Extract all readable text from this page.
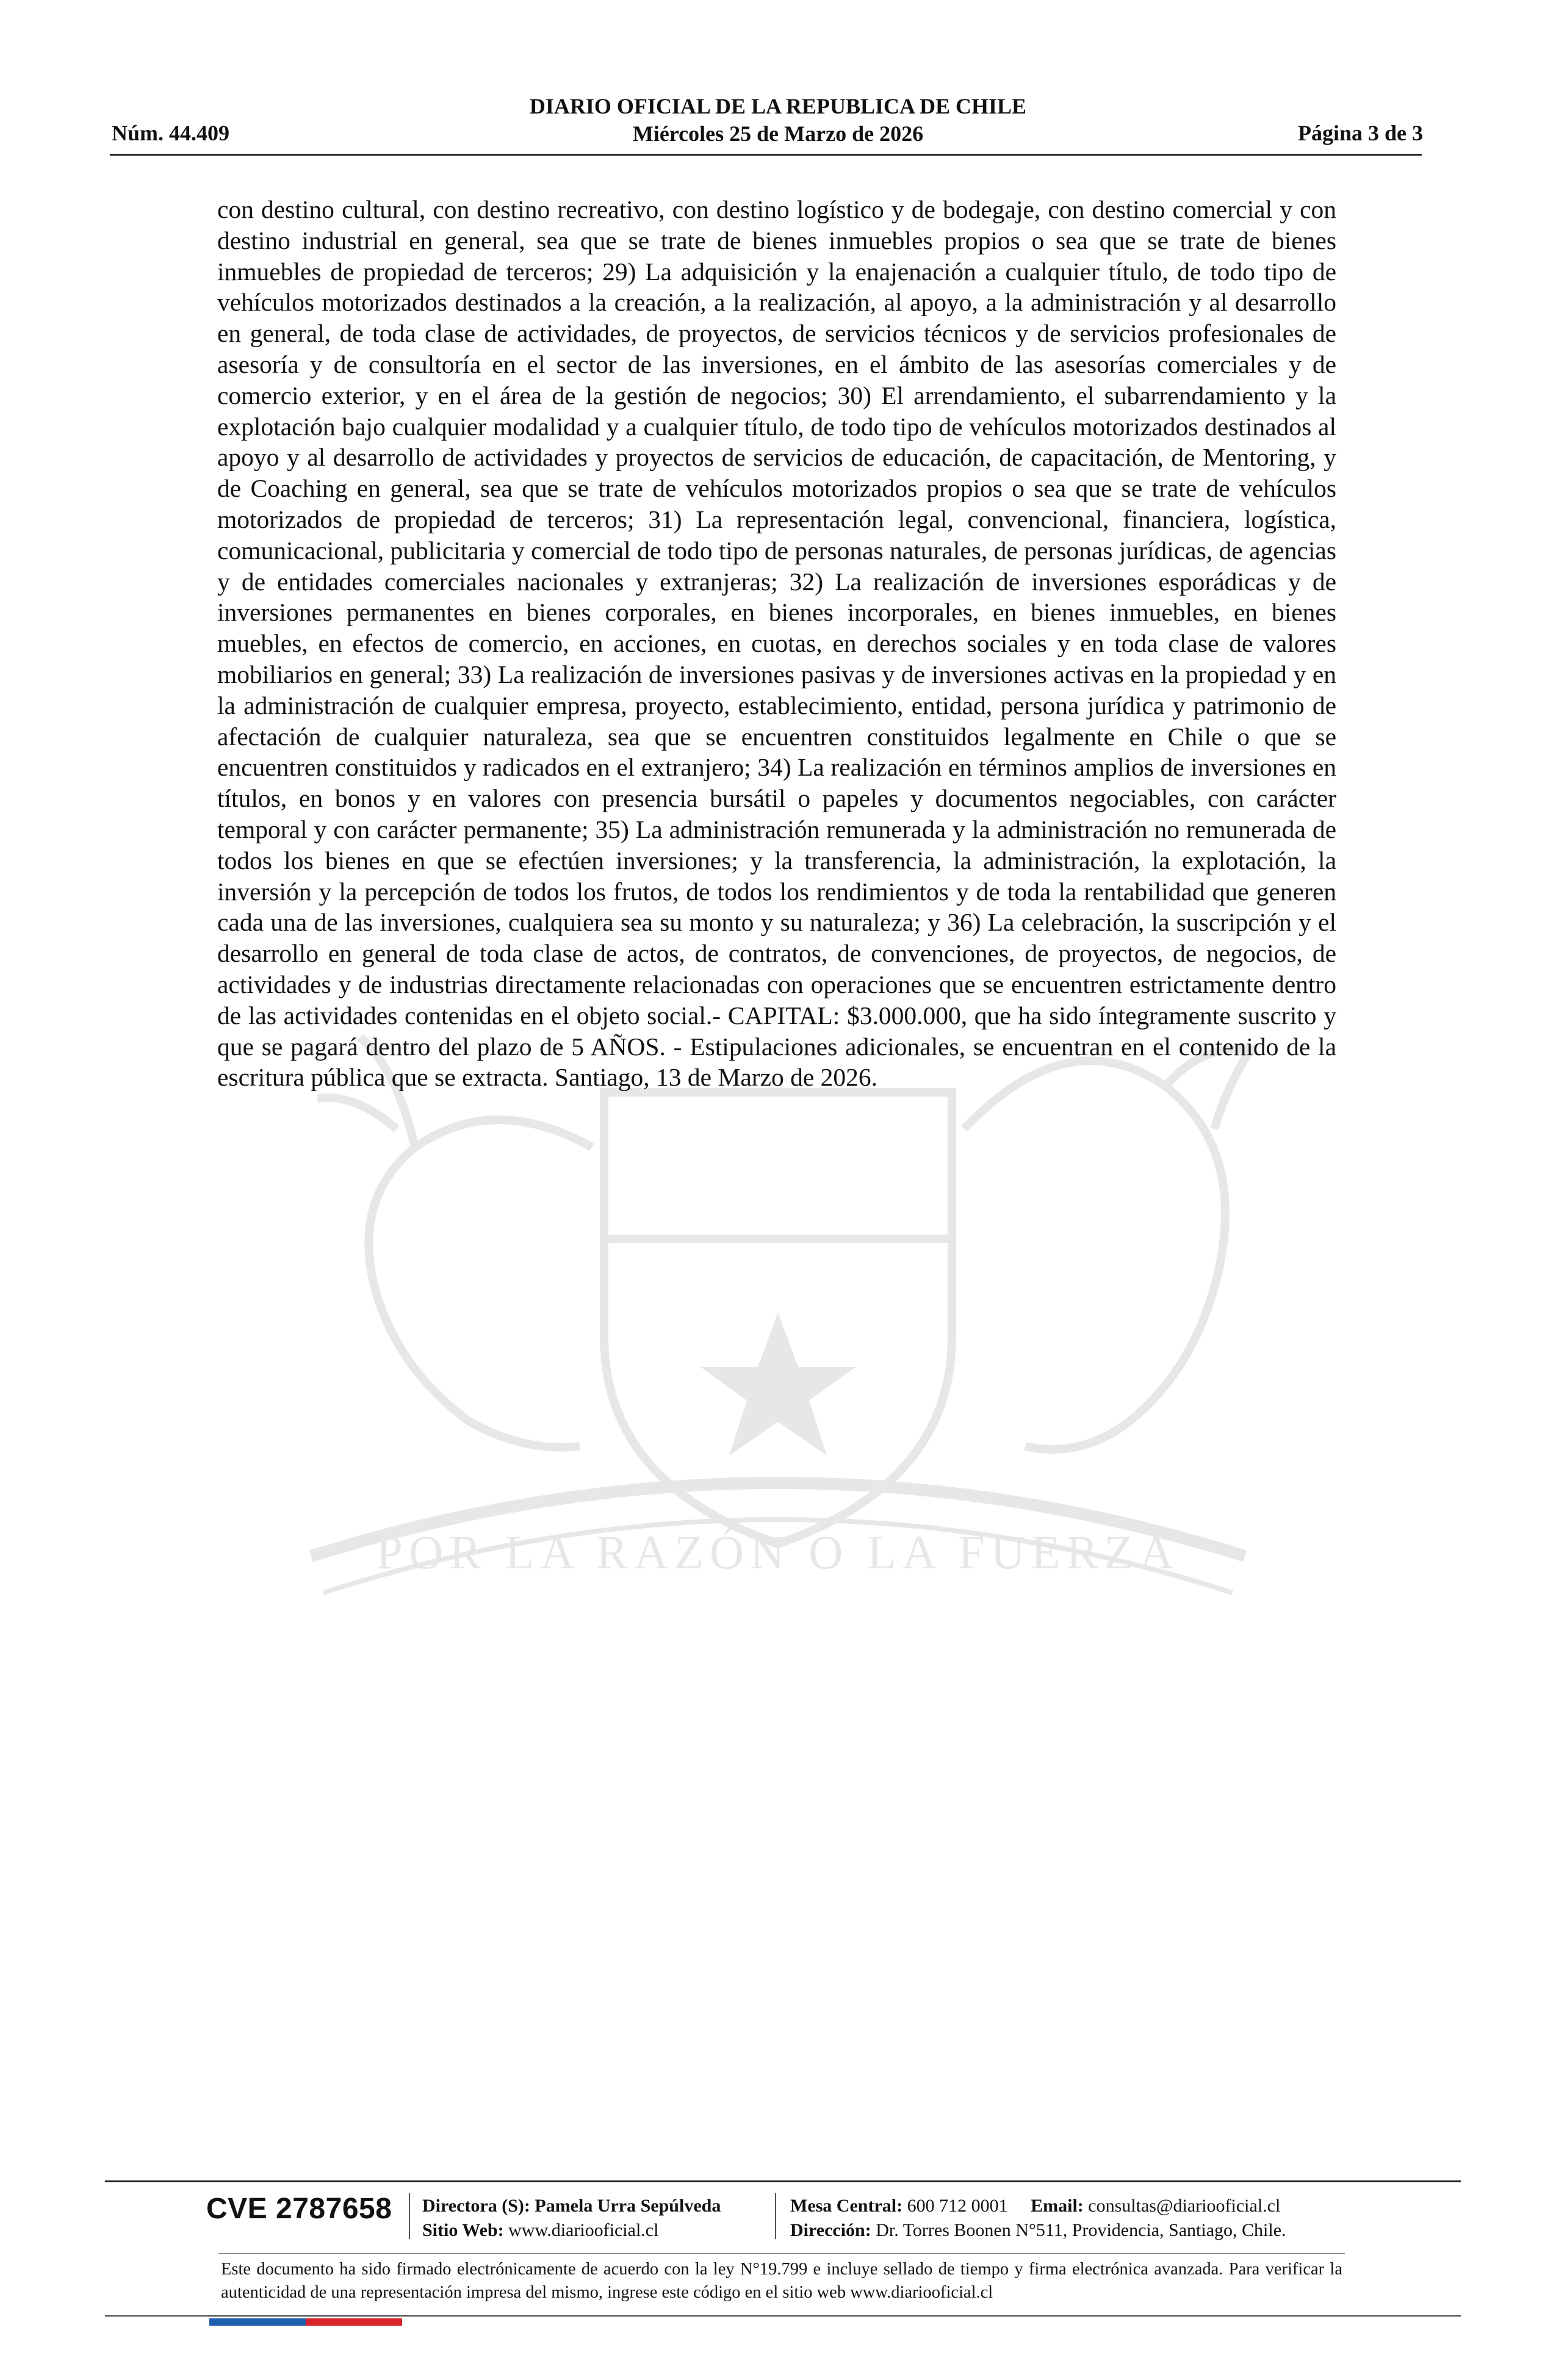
DIARIO OFICIAL DE LA REPUBLICA DE CHILE
Miércoles 25 de Marzo de 2026
Núm. 44.409	Página 3 de 3
POR LA RAZÓN O LA FUERZA
con destino cultural, con destino recreativo, con destino logístico y de bodegaje, con destino comercial y con destino industrial en general, sea que se trate de bienes inmuebles propios o sea que se trate de bienes inmuebles de propiedad de terceros; 29) La adquisición y la enajenación a cualquier título, de todo tipo de vehículos motorizados destinados a la creación, a la realización, al apoyo, a la administración y al desarrollo en general, de toda clase de actividades, de proyectos, de servicios técnicos y de servicios profesionales de asesoría y de consultoría en el sector de las inversiones, en el ámbito de las asesorías comerciales y de comercio exterior, y en el área de la gestión de negocios; 30) El arrendamiento, el subarrendamiento y la explotación bajo cualquier modalidad y a cualquier título, de todo tipo de vehículos motorizados destinados al apoyo y al desarrollo de actividades y proyectos de servicios de educación, de capacitación, de Mentoring, y de Coaching en general, sea que se trate de vehículos motorizados propios o sea que se trate de vehículos motorizados de propiedad de terceros; 31) La representación legal, convencional, financiera, logística, comunicacional, publicitaria y comercial de todo tipo de personas naturales, de personas jurídicas, de agencias y de entidades comerciales nacionales y extranjeras; 32) La realización de inversiones esporádicas y de inversiones permanentes en bienes corporales, en bienes incorporales, en bienes inmuebles, en bienes muebles, en efectos de comercio, en acciones, en cuotas, en derechos sociales y en toda clase de valores mobiliarios en general; 33) La realización de inversiones pasivas y de inversiones activas en la propiedad y en la administración de cualquier empresa, proyecto, establecimiento, entidad, persona jurídica y patrimonio de afectación de cualquier naturaleza, sea que se encuentren constituidos legalmente en Chile o que se encuentren constituidos y radicados en el extranjero; 34) La realización en términos amplios de inversiones en títulos, en bonos y en valores con presencia bursátil o papeles y documentos negociables, con carácter temporal y con carácter permanente; 35) La administración remunerada y la administración no remunerada de todos los bienes en que se efectúen inversiones; y la transferencia, la administración, la explotación, la inversión y la percepción de todos los frutos, de todos los rendimientos y de toda la rentabilidad que generen cada una de las inversiones, cualquiera sea su monto y su naturaleza; y 36) La celebración, la suscripción y el desarrollo en general de toda clase de actos, de contratos, de convenciones, de proyectos, de negocios, de actividades y de industrias directamente relacionadas con operaciones que se encuentren estrictamente dentro de las actividades contenidas en el objeto social.- CAPITAL: $3.000.000, que ha sido íntegramente suscrito y que se pagará dentro del plazo de 5 AÑOS. - Estipulaciones adicionales, se encuentran en el contenido de la escritura pública que se extracta. Santiago, 13 de Marzo de 2026.
CVE 2787658 Directora (S): Pamela Urra Sepúlveda
Sitio Web: www.diariooficial.cl
Mesa Central: 600 712 0001 Email: consultas@diariooficial.cl
Dirección: Dr. Torres Boonen N°511, Providencia, Santiago, Chile.
Este documento ha sido firmado electrónicamente de acuerdo con la ley N°19.799 e incluye sellado de tiempo y firma electrónica avanzada. Para verificar la autenticidad de una representación impresa del mismo, ingrese este código en el sitio web www.diariooficial.cl
